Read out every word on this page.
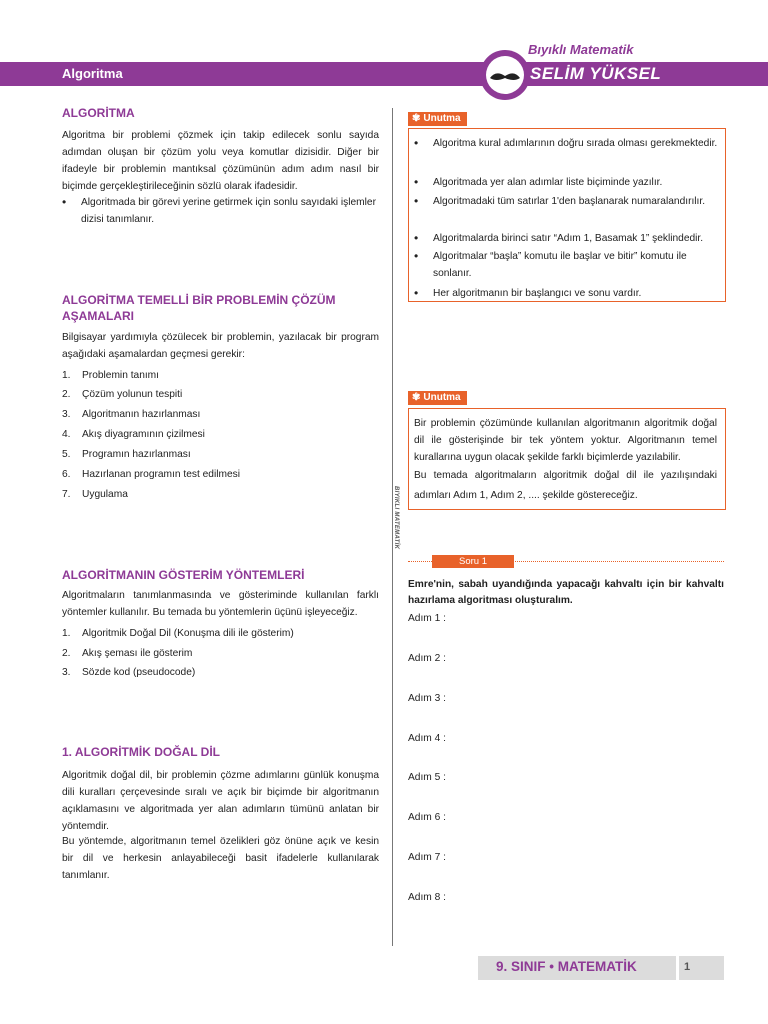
Algoritma
Bıyıklı Matematik
SELİM YÜKSEL
ALGORİTMA

Algoritma bir problemi çözmek için takip edilecek sonlu sayıda adımdan oluşan bir çözüm yolu veya komutlar dizisidir. Diğer bir ifadeyle bir problemin mantıksal çözümünün adım adım nasıl bir biçimde gerçekleştirileceğinin sözlü olarak ifadesidir.

• Algoritmada bir görevi yerine getirmek için sonlu sayıdaki işlemler dizisi tanımlanır.

ALGORİTMA TEMELLİ BİR PROBLEMİN ÇÖZÜM
AŞAMALARI

Bilgisayar yardımıyla çözülecek bir problemin, yazılacak bir program aşağıdaki aşamalardan geçmesi gerekir:

1. Problemin tanımı
2. Çözüm yolunun tespiti
3. Algoritmanın hazırlanması
4. Akış diyagramının çizilmesi
5. Programın hazırlanması
6. Hazırlanan programın test edilmesi
7. Uygulama
ALGORİTMANIN GÖSTERİM YÖNTEMLERİ

Algoritmaların tanımlanmasında ve gösteriminde kullanılan farklı yöntemler kullanılır. Bu temada bu yöntemlerin üçünü işleyeceğiz.

1. Algoritmik Doğal Dil (Konuşma dili ile gösterim)
2. Akış şeması ile gösterim
3. Sözde kod (pseudocode)
1. ALGORİTMİK DOĞAL DİL

Algoritmik doğal dil, bir problemin çözme adımlarını günlük konuşma dili kuralları çerçevesinde sıralı ve açık bir biçimde bir algoritmanın açıklamasını ve algoritmada yer alan adımların tümünü anlatan bir yöntemdir.

Bu yöntemde, algoritmanın temel özelikleri göz önüne açık ve kesin bir dil ve herkesin anlayabileceği basit ifadelerle kullanılarak tanımlanır.

BIYIKLI MATEMATİK
✾ Unutma

• Algoritma kural adımlarının doğru sırada olması gerekmektedir.

• Algoritmada yer alan adımlar liste biçiminde yazılır.

• Algoritmadaki tüm satırlar 1'den başlanarak numaralandırılır.

• Algoritmalarda birinci satır “Adım 1, Basamak 1” şeklindedir.

• Algoritmalar “başla” komutu ile başlar ve bitir” komutu ile sonlanır.

• Her algoritmanın bir başlangıcı ve sonu vardır.

✾ Unutma

Bir problemin çözümünde kullanılan algoritmanın algoritmik doğal dil ile gösterişinde bir tek yöntem yoktur. Algoritmanın temel kurallarına uygun olacak şekilde farklı biçimlerde yazılabilir.

Bu temada algoritmaların algoritmik doğal dil ile yazılışındaki adımları Adım 1, Adım 2, .... şekilde göstereceğiz.

Soru 1

Emre'nin, sabah uyandığında yapacağı kahvaltı için bir kahvaltı hazırlama algoritması oluşturalım.

Adım 1 :
Adım 2 :
Adım 3 :
Adım 4 :
Adım 5 :
Adım 6 :
Adım 7 :
Adım 8 :
9. SINIF • MATEMATİK	1
